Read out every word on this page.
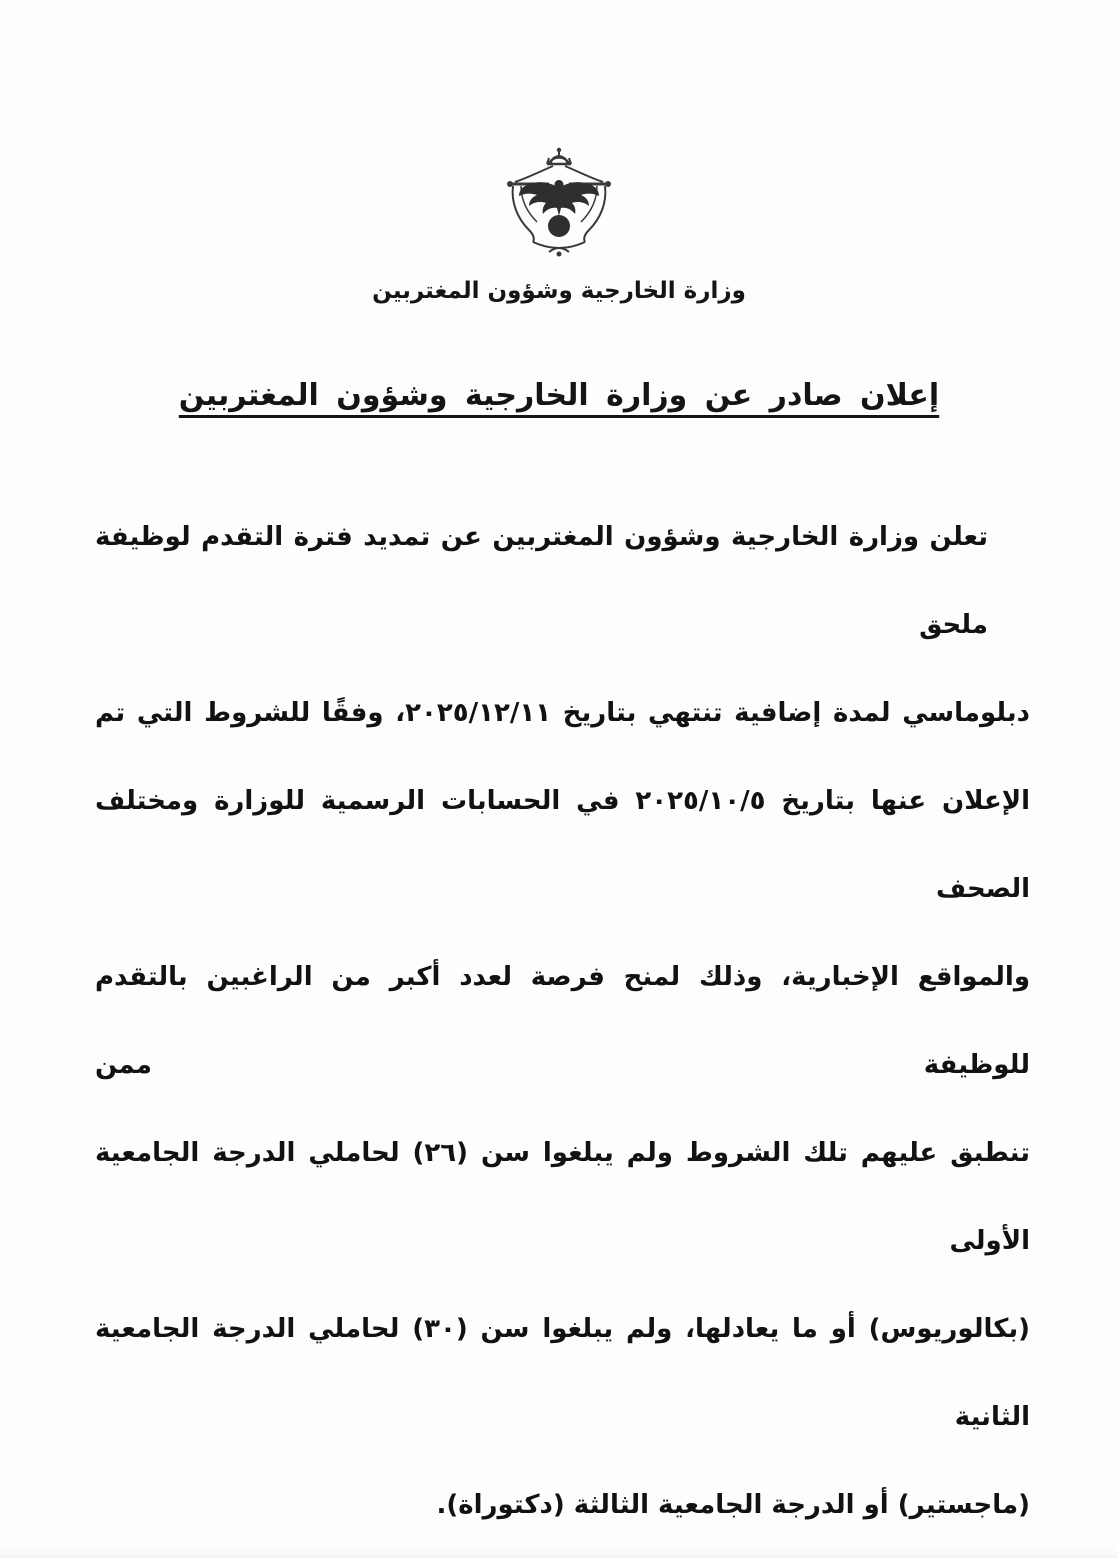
وزارة الخارجية وشؤون المغتربين
إعلان صادر عن وزارة الخارجية وشؤون المغتربين
تعلن وزارة الخارجية وشؤون المغتربين عن تمديد فترة التقدم لوظيفة ملحق
دبلوماسي لمدة إضافية تنتهي بتاريخ ٢٠٢٥/١٢/١١، وفقًا للشروط التي تم
الإعلان عنها بتاريخ ٢٠٢٥/١٠/٥ في الحسابات الرسمية للوزارة ومختلف الصحف
والمواقع الإخبارية، وذلك لمنح فرصة لعدد أكبر من الراغبين بالتقدم للوظيفة ممن
تنطبق عليهم تلك الشروط ولم يبلغوا سن (٢٦) لحاملي الدرجة الجامعية الأولى
(بكالوريوس) أو ما يعادلها، ولم يبلغوا سن (٣٠) لحاملي الدرجة الجامعية الثانية
(ماجستير) أو الدرجة الجامعية الثالثة (دكتوراة).
